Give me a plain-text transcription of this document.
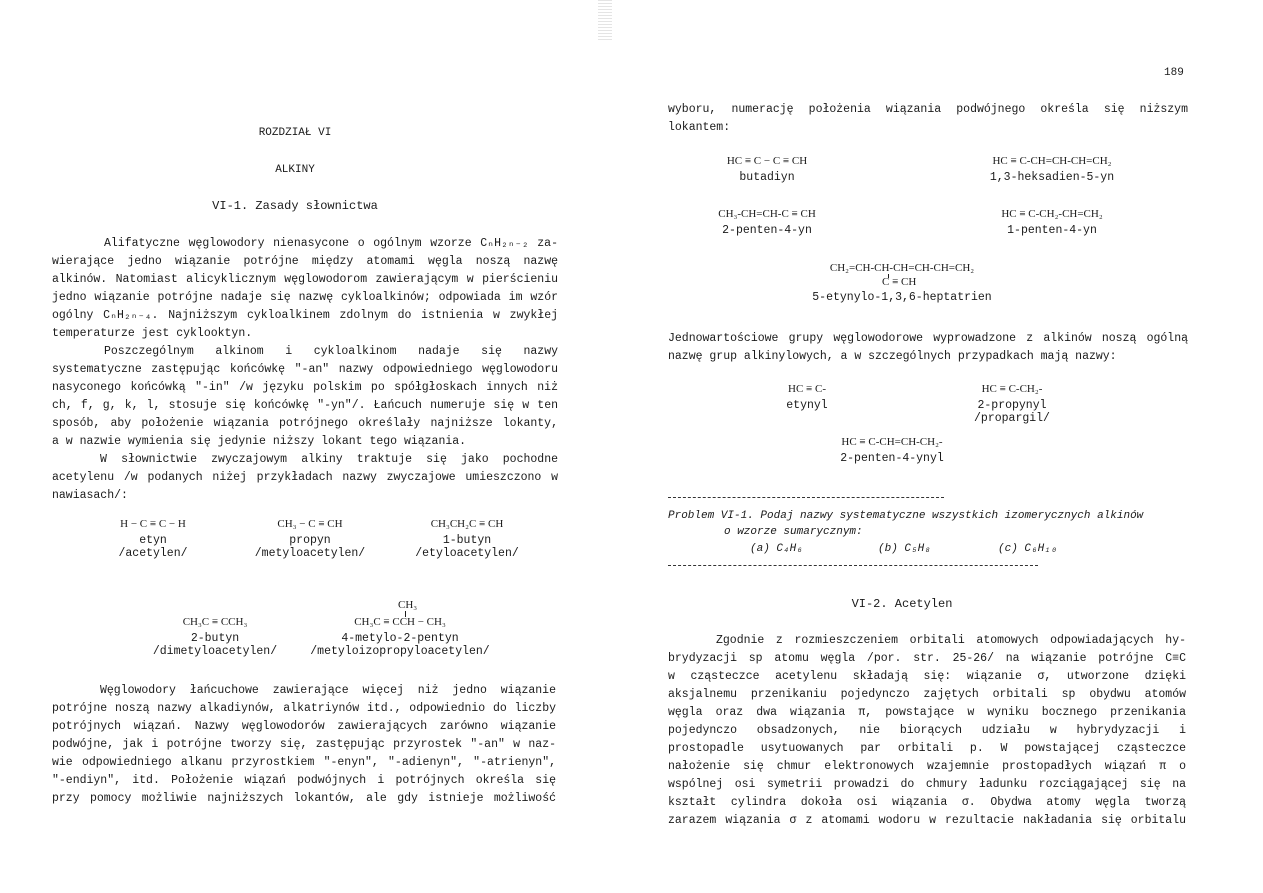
ROZDZIAŁ VI
ALKINY
VI-1. Zasady słownictwa
Alifatyczne węglowodory nienasycone o ogólnym wzorze CₙH₂ₙ₋₂ za-
wierające jedno wiązanie potrójne między atomami węgla noszą nazwę
alkinów. Natomiast alicyklicznym węglowodorom zawierającym w pierścieniu
jedno wiązanie potrójne nadaje się nazwę cykloalkinów; odpowiada im wzór
ogólny CₙH₂ₙ₋₄. Najniższym cykloalkinem zdolnym do istnienia w zwykłej
temperaturze jest cyklooktyn.
Poszczególnym alkinom i cykloalkinom nadaje się nazwy
systematyczne zastępując końcówkę "-an" nazwy odpowiedniego węglowodoru
nasyconego końcówką "-in" /w języku polskim po spółgłoskach innych niż
ch, f, g, k, l, stosuje się końcówkę "-yn"/. Łańcuch numeruje się w ten
sposób, aby położenie wiązania potrójnego określały najniższe lokanty,
a w nazwie wymienia się jedynie niższy lokant tego wiązania.
W słownictwie zwyczajowym alkiny traktuje się jako pochodne
acetylenu /w podanych niżej przykładach nazwy zwyczajowe umieszczono w
nawiasach/:
H − C ≡ C − H
etyn
/acetylen/
CH₃ − C ≡ CH
propyn
/metyloacetylen/
CH₃CH₂C ≡ CH
1-butyn
/etyloacetylen/
CH₃C ≡ CCH₃
2-butyn
/dimetyloacetylen/
CH₃
CH₃C ≡ CCH − CH₃
4-metylo-2-pentyn
/metyloizopropyloacetylen/
Węglowodory łańcuchowe zawierające więcej niż jedno wiązanie
potrójne noszą nazwy alkadiynów, alkatriynów itd., odpowiednio do liczby
potrójnych wiązań. Nazwy węglowodorów zawierających zarówno wiązanie
podwójne, jak i potrójne tworzy się, zastępując przyrostek "-an" w naz-
wie odpowiedniego alkanu przyrostkiem "-enyn", "-adienyn", "-atrienyn",
"-endiyn", itd. Położenie wiązań podwójnych i potrójnych określa się
przy pomocy możliwie najniższych lokantów, ale gdy istnieje możliwość
189
wyboru, numerację położenia wiązania podwójnego określa się niższym
lokantem:
HC ≡ C − C ≡ CH
butadiyn
HC ≡ C-CH=CH-CH=CH₂
1,3-heksadien-5-yn
CH₃-CH=CH-C ≡ CH
2-penten-4-yn
HC ≡ C-CH₂-CH=CH₂
1-penten-4-yn
CH₂=CH-CH-CH=CH-CH=CH₂
C ≡ CH
5-etynylo-1,3,6-heptatrien
Jednowartościowe grupy węglowodorowe wyprowadzone z alkinów noszą ogólną
nazwę grup alkinylowych, a w szczególnych przypadkach mają nazwy:
HC ≡ C-
etynyl
HC ≡ C-CH₂-
2-propynyl
/propargil/
HC ≡ C-CH=CH-CH₂-
2-penten-4-ynyl
Problem VI-1. Podaj nazwy systematyczne wszystkich izomerycznych alkinów
o wzorze sumarycznym:
(a) C₄H₆	(b) C₅H₈	(c) C₆H₁₀
VI-2. Acetylen
Zgodnie z rozmieszczeniem orbitali atomowych odpowiadających hy-
brydyzacji sp atomu węgla /por. str. 25-26/ na wiązanie potrójne C≡C
w cząsteczce acetylenu składają się: wiązanie σ, utworzone dzięki
aksjalnemu przenikaniu pojedynczo zajętych orbitali sp obydwu atomów
węgla oraz dwa wiązania π, powstające w wyniku bocznego przenikania
pojedynczo obsadzonych, nie biorących udziału w hybrydyzacji i
prostopadle usytuowanych par orbitali p. W powstającej cząsteczce
nałożenie się chmur elektronowych wzajemnie prostopadłych wiązań π o
wspólnej osi symetrii prowadzi do chmury ładunku rozciągającej się na
kształt cylindra dokoła osi wiązania σ. Obydwa atomy węgla tworzą
zarazem wiązania σ z atomami wodoru w rezultacie nakładania się orbitalu
